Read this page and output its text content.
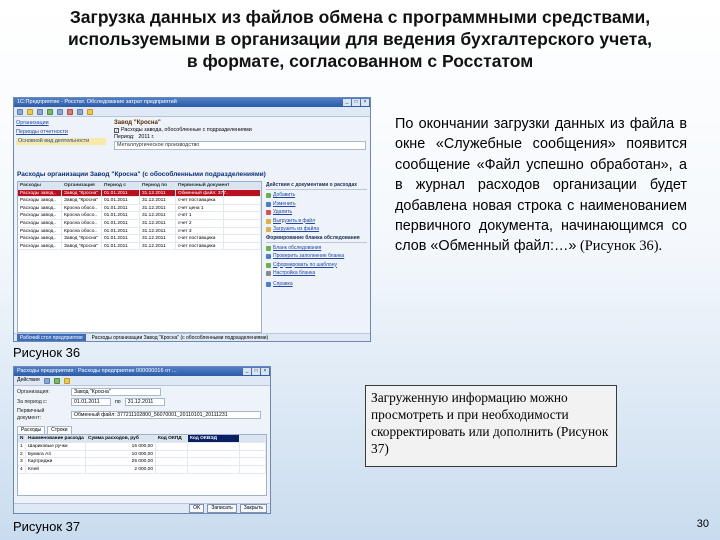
Загрузка данных из файлов обмена с программными средствами,
используемыми в организации для ведения бухгалтерского учета,
в формате, согласованном с Росстатом
1С:Предприятие - Росстат. Обследование затрат предприятий	_	□	×
Организации
Периоды отчетности
Основной вид деятельности
Завод "Кросна"
✓ Расходы завода, обособленные с подразделениями
Период: 2011 г.
Металлургическое производство
Расходы организации Завод "Кросна" (с обособленными подразделениями)
Расходы	Организация	Период с	Период по	Первичный документ
Расходы завод..	Завод "Кросна"	01.01.2011	31.12.2011	Обменный файл: 377..
Расходы завод..	Завод "Кросна"	01.01.2011	31.12.2011	счет поставщика
Расходы завод..	Кросна обосо..	01.01.2011	31.12.2011	счет цена 1
Расходы завод..	Кросна обосо..	01.01.2011	31.12.2011	счет 1
Расходы завод..	Кросна обосо..	01.01.2011	31.12.2011	счет 2
Расходы завод..	Кросна обосо..	01.01.2011	31.12.2011	счет 3
Расходы завод..	Завод "Кросна"	01.01.2011	31.12.2011	счет поставщика
Расходы завод..	Завод "Кросна"	01.01.2011	31.12.2011	счет поставщика
Действия с документами о расходах
Добавить
Изменить
Удалить
Выгрузить в файл
Загрузить из файла
Формирование бланка обследования
Бланк обследования
Проверить заполнение бланка
Сформировать по шаблону
Настройка бланка
Справка
Рабочий стол предприятия	Расходы организации Завод "Кросна" (с обособленными подразделениями)
По окончании загрузки данных из файла в окне «Служебные сообщения» появится сообщение «Файл успешно обработан», а в журнал расходов организации будет добавлена новая строка с наименованием первичного документа, начинающимся со слов «Обменный файл:…» (Рисунок 36).
Рисунок 36
Расходы предприятия : Расходы предприятия 000000016 от ...	_	□	×
Действия
Организация:	Завод "Кросна"
За период с:	01.01.2011	по	31.12.2011
Первичный документ:	Обменный файл: 377211102800_56070001_20110101_20111231
Расходы	Строки
N Наименование расхода Сумма расходов, руб	Код ОКПД	Код ОКВЭД
1	Шариковые ручки	15 000,00
2	Бумага А4	10 000,00
3	Картриджи	25 000,00
4	Клей	2 000,00
OK	Записать	Закрыть
Загруженную информацию можно просмотреть и при необходимости скорректировать или дополнить (Рисунок 37)
Рисунок 37	30
